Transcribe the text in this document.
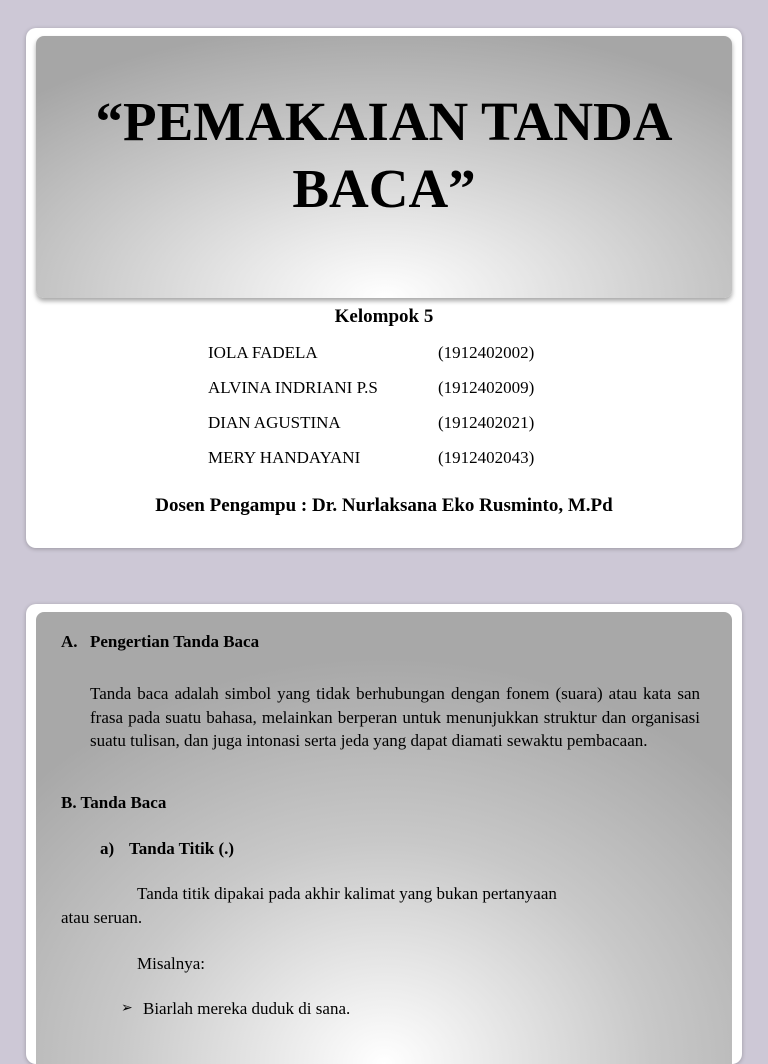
“PEMAKAIAN TANDA BACA”
Kelompok 5
IOLA FADELA	(1912402002)
ALVINA INDRIANI P.S	(1912402009)
DIAN AGUSTINA	(1912402021)
MERY HANDAYANI	(1912402043)
Dosen Pengampu : Dr. Nurlaksana Eko Rusminto, M.Pd
A. Pengertian Tanda Baca
Tanda baca adalah simbol yang tidak berhubungan dengan fonem (suara) atau kata san frasa pada suatu bahasa, melainkan berperan untuk menunjukkan struktur dan organisasi suatu tulisan, dan juga intonasi serta jeda yang dapat diamati sewaktu pembacaan.
B. Tanda Baca
a) Tanda Titik (.)
Tanda titik dipakai pada akhir kalimat yang bukan pertanyaan
atau seruan.
Misalnya:
➢ Biarlah mereka duduk di sana.
